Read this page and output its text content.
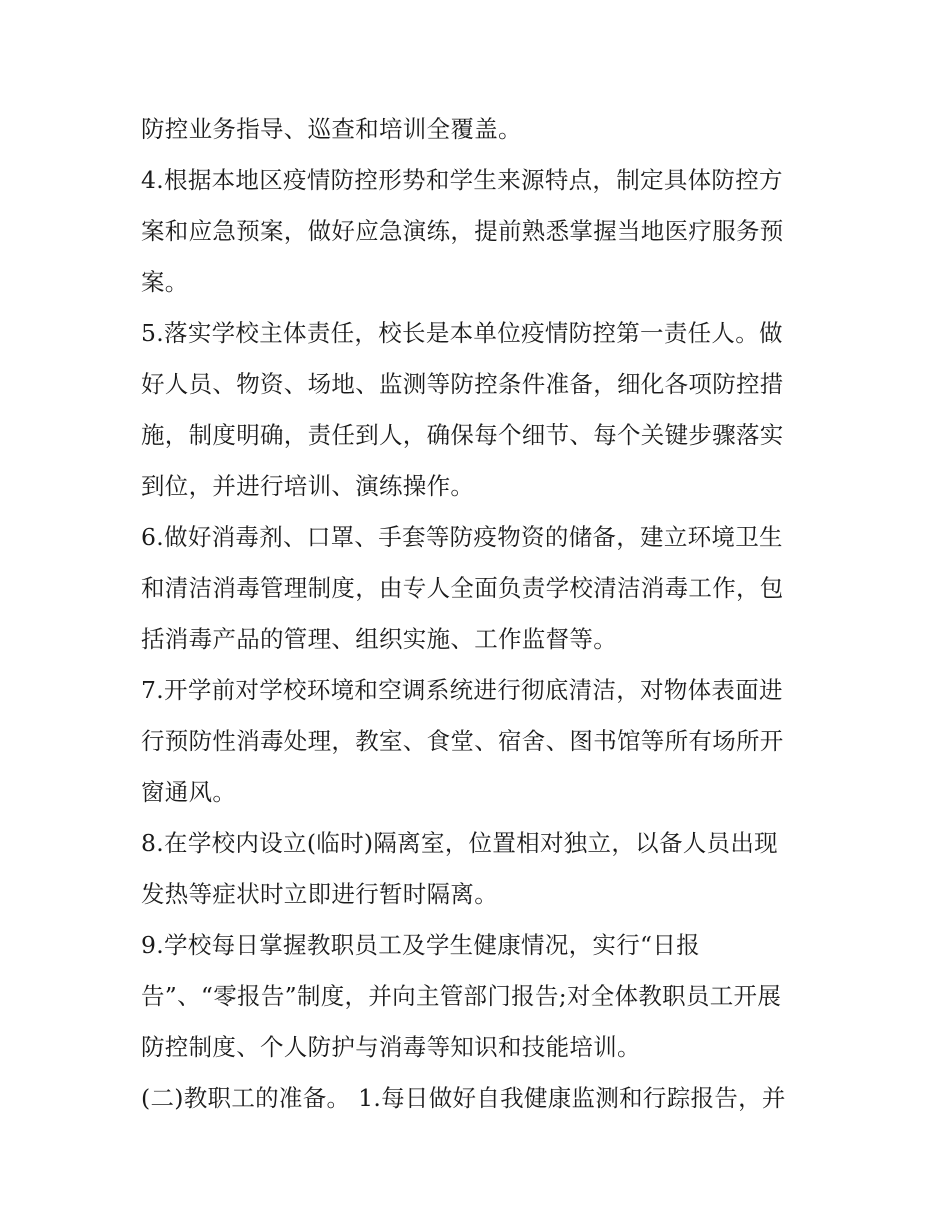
防控业务指导、巡查和培训全覆盖。
4.根据本地区疫情防控形势和学生来源特点，制定具体防控方
案和应急预案，做好应急演练，提前熟悉掌握当地医疗服务预
案。
5.落实学校主体责任，校长是本单位疫情防控第一责任人。做
好人员、物资、场地、监测等防控条件准备，细化各项防控措
施，制度明确，责任到人，确保每个细节、每个关键步骤落实
到位，并进行培训、演练操作。
6.做好消毒剂、口罩、手套等防疫物资的储备，建立环境卫生
和清洁消毒管理制度，由专人全面负责学校清洁消毒工作，包
括消毒产品的管理、组织实施、工作监督等。
7.开学前对学校环境和空调系统进行彻底清洁，对物体表面进
行预防性消毒处理，教室、食堂、宿舍、图书馆等所有场所开
窗通风。
8.在学校内设立(临时)隔离室，位置相对独立，以备人员出现
发热等症状时立即进行暂时隔离。
9.学校每日掌握教职员工及学生健康情况，实行“日报
告”、“零报告”制度，并向主管部门报告;对全体教职员工开展
防控制度、个人防护与消毒等知识和技能培训。
(二)教职工的准备。 1.每日做好自我健康监测和行踪报告，并
